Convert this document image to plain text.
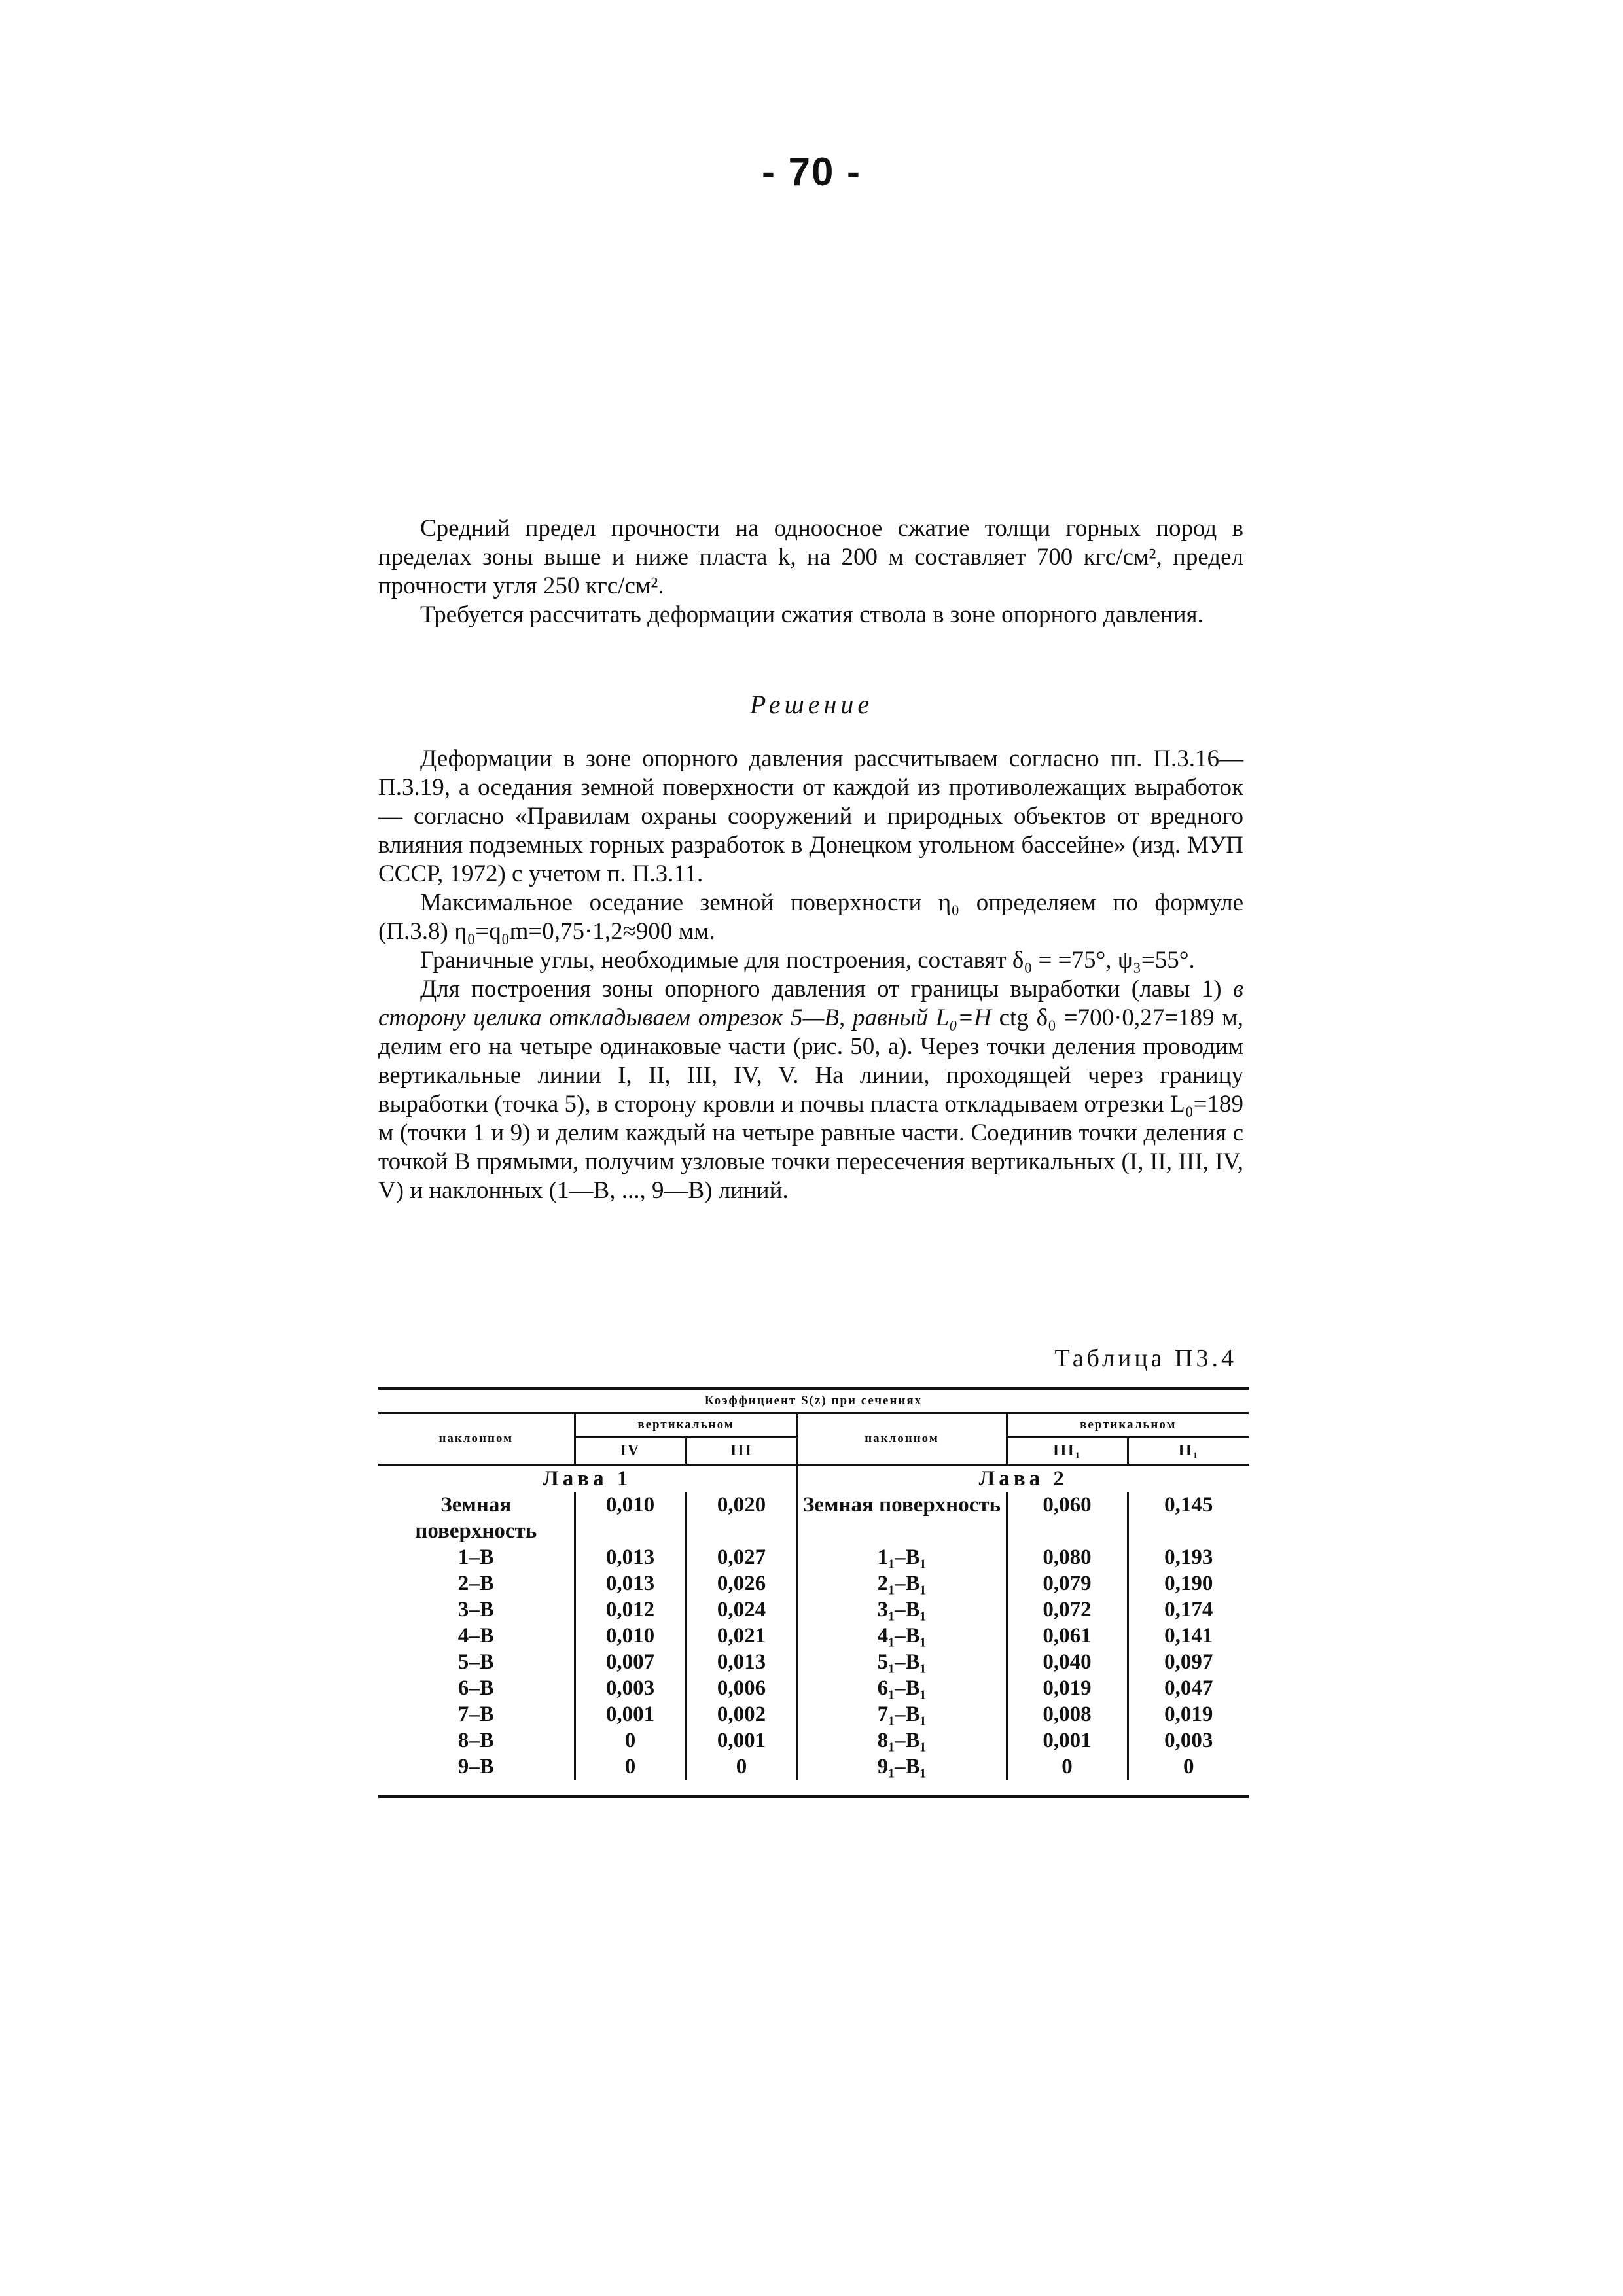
- 70 -

Средний предел прочности на одноосное сжатие толщи горных пород в пределах зоны выше и ниже пласта k, на 200 м составляет 700 кгс/см², предел прочности угля 250 кгс/см².

Требуется рассчитать деформации сжатия ствола в зоне опорного давления.

Решение

Деформации в зоне опорного давления рассчитываем согласно пп. П.3.16—П.3.19, а оседания земной поверхности от каждой из противолежащих выработок — согласно «Правилам охраны сооружений и природных объектов от вредного влияния подземных горных разработок в Донецком угольном бассейне» (изд. МУП СССР, 1972) с учетом п. П.3.11.

Максимальное оседание земной поверхности η₀ определяем по формуле (П.3.8) η₀=q₀m=0,75·1,2≈900 мм.

Граничные углы, необходимые для построения, составят δ₀ = =75°, ψ₃=55°.

Для построения зоны опорного давления от границы выработки (лавы 1) в сторону целика откладываем отрезок 5—B, равный L₀=H ctg δ₀ =700·0,27=189 м, делим его на четыре одинаковые части (рис. 50, а). Через точки деления проводим вертикальные линии I, II, III, IV, V. На линии, проходящей через границу выработки (точка 5), в сторону кровли и почвы пласта откладываем отрезки L₀=189 м (точки 1 и 9) и делим каждый на четыре равные части. Соединив точки деления с точкой B прямыми, получим узловые точки пересечения вертикальных (I, II, III, IV, V) и наклонных (1—B, ..., 9—B) линий.

Таблица П3.4
Коэффициент S(z) при сечениях					
наклонном	вертикальном		наклонном	вертикальном	
	IV	III		III₁	II₁
Лава 1			Лава 2		
Земная поверхность	0,010	0,020	Земная поверхность	0,060	0,145
1–B	0,013	0,027	1₁–B₁	0,080	0,193
2–B	0,013	0,026	2₁–B₁	0,079	0,190
3–B	0,012	0,024	3₁–B₁	0,072	0,174
4–B	0,010	0,021	4₁–B₁	0,061	0,141
5–B	0,007	0,013	5₁–B₁	0,040	0,097
6–B	0,003	0,006	6₁–B₁	0,019	0,047
7–B	0,001	0,002	7₁–B₁	0,008	0,019
8–B	0	0,001	8₁–B₁	0,001	0,003
9–B	0	0	9₁–B₁	0	0
